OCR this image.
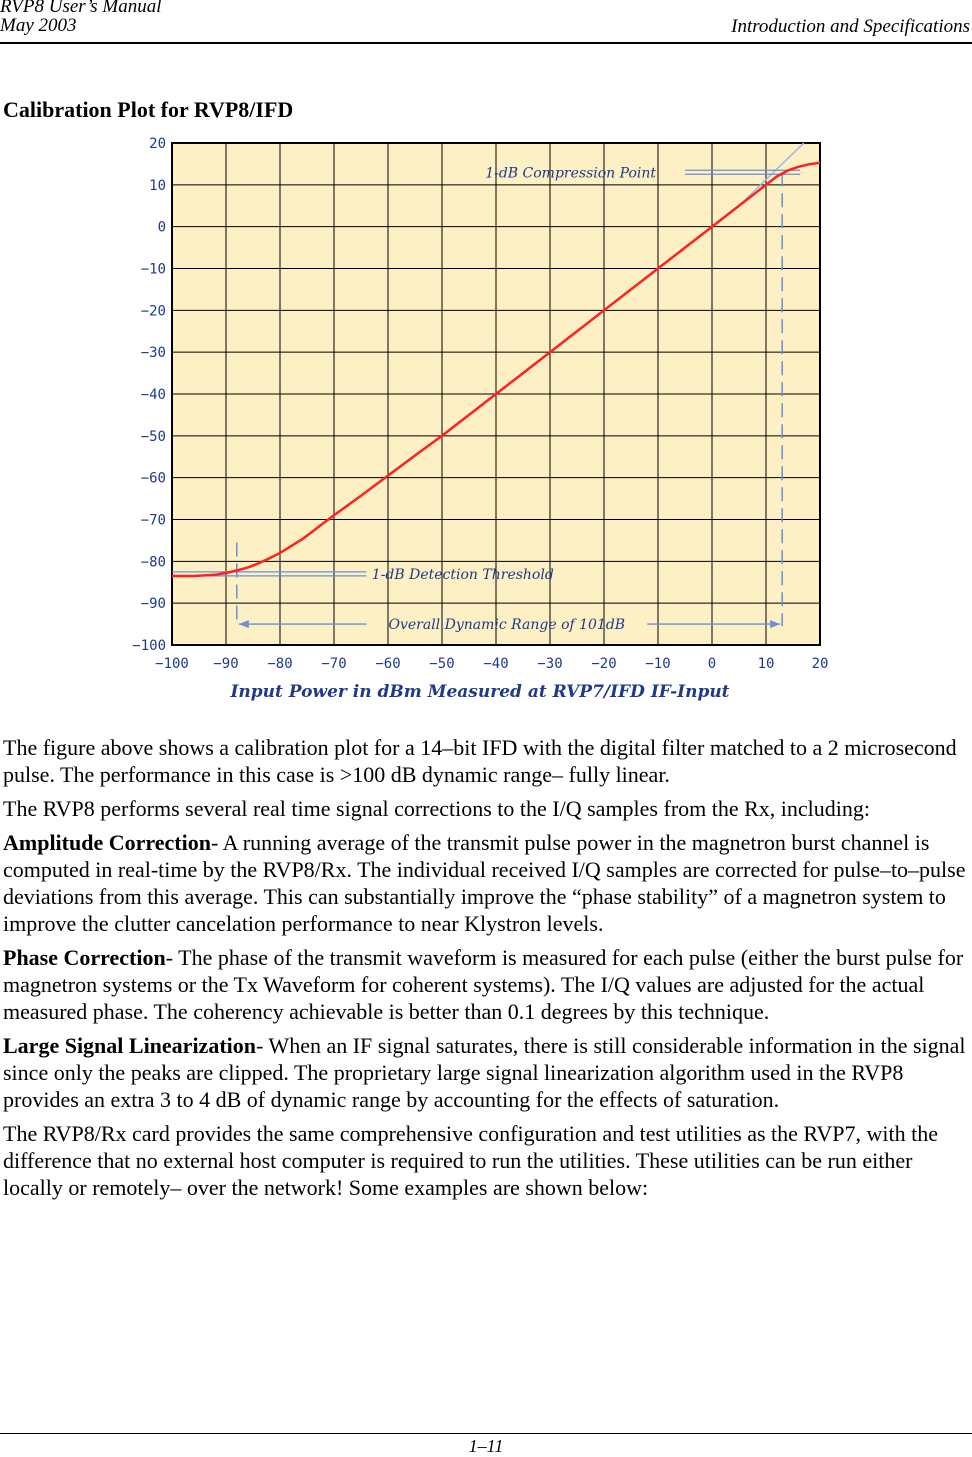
RVP8 User’s Manual
May 2003	Introduction and Specifications
Calibration Plot for RVP8/IFD
20
10
0
−10
−20
−30
−40
−50
−60
−70
−80
−90
−100
−100 −90 −80 −70 −60 −50 −40 −30 −20 −10	0	10	20
Input Power in dBm Measured at RVP7/IFD IF-Input
1-dB Compression Point
1-dB Detection Threshold
Overall Dynamic Range of 101dB

The figure above shows a calibration plot for a 14–bit IFD with the digital filter matched to a 2 microsecond pulse. The performance in this case is >100 dB dynamic range– fully linear.

The RVP8 performs several real time signal corrections to the I/Q samples from the Rx, including:

Amplitude Correction- A running average of the transmit pulse power in the magnetron burst channel is computed in real-time by the RVP8/Rx. The individual received I/Q samples are corrected for pulse–to–pulse deviations from this average. This can substantially improve the “phase stability” of a magnetron system to improve the clutter cancelation performance to near Klystron levels.

Phase Correction- The phase of the transmit waveform is measured for each pulse (either the burst pulse for magnetron systems or the Tx Waveform for coherent systems). The I/Q values are adjusted for the actual measured phase. The coherency achievable is better than 0.1 degrees by this technique.

Large Signal Linearization- When an IF signal saturates, there is still considerable information in the signal since only the peaks are clipped. The proprietary large signal linearization algorithm used in the RVP8 provides an extra 3 to 4 dB of dynamic range by accounting for the effects of saturation.

The RVP8/Rx card provides the same comprehensive configuration and test utilities as the RVP7, with the difference that no external host computer is required to run the utilities. These utilities can be run either locally or remotely– over the network! Some examples are shown below:

1–11
